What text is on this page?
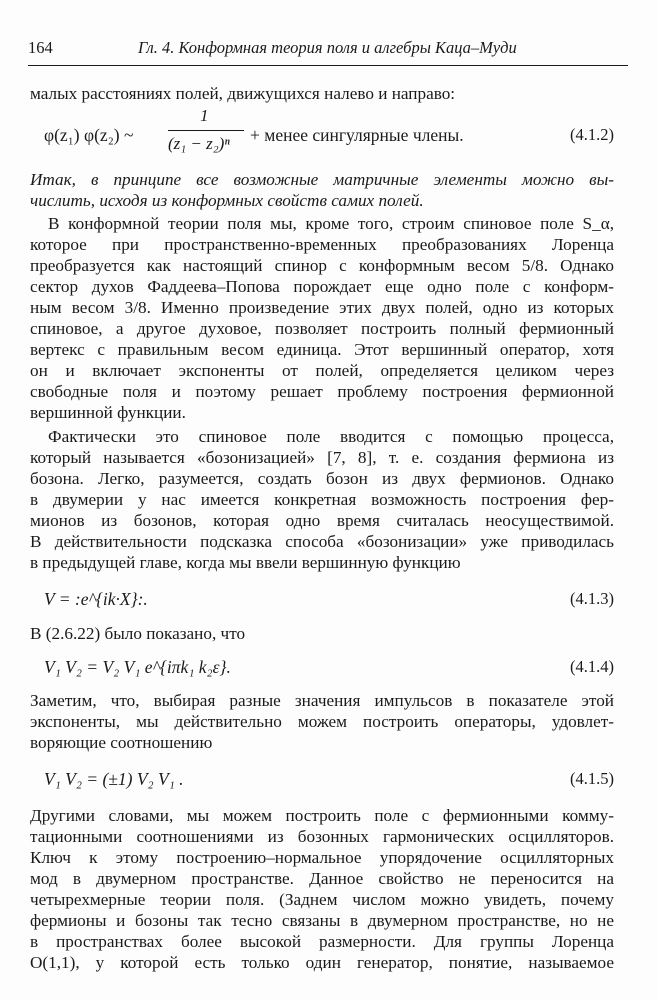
164	Гл. 4. Конформная теория поля и алгебры Каца–Муди
малых расстояниях полей, движущихся налево и направо:
φ(z₁) φ(z₂) ~
1
(z₁ − z₂)ⁿ + менее сингулярные члены.	(4.1.2)
Итак, в принципе все возможные матричные элементы можно вы-
числить, исходя из конформных свойств самих полей.
В конформной теории поля мы, кроме того, строим спиновое поле S_α,
которое при пространственно-временных преобразованиях Лоренца
преобразуется как настоящий спинор с конформным весом 5/8. Однако
сектор духов Фаддеева–Попова порождает еще одно поле с конформ-
ным весом 3/8. Именно произведение этих двух полей, одно из которых
спиновое, а другое духовое, позволяет построить полный фермионный
вертекс с правильным весом единица. Этот вершинный оператор, хотя
он и включает экспоненты от полей, определяется целиком через
свободные поля и поэтому решает проблему построения фермионной
вершинной функции.
Фактически это спиновое поле вводится с помощью процесса,
который называется «бозонизацией» [7, 8], т. е. создания фермиона из
бозона. Легко, разумеется, создать бозон из двух фермионов. Однако
в двумерии у нас имеется конкретная возможность построения фер-
мионов из бозонов, которая одно время считалась неосуществимой.
В действительности подсказка способа «бозонизации» уже приводилась
в предыдущей главе, когда мы ввели вершинную функцию
V = :e^{ik·X}:.	(4.1.3)
В (2.6.22) было показано, что
V₁ V₂ = V₂ V₁ e^{iπk₁ k₂ε}.	(4.1.4)
Заметим, что, выбирая разные значения импульсов в показателе этой
экспоненты, мы действительно можем построить операторы, удовлет-
воряющие соотношению
V₁ V₂ = (±1) V₂ V₁ .	(4.1.5)
Другими словами, мы можем построить поле с фермионными комму-
тационными соотношениями из бозонных гармонических осцилляторов.
Ключ к этому построению–нормальное упорядочение осцилляторных
мод в двумерном пространстве. Данное свойство не переносится на
четырехмерные теории поля. (Заднем числом можно увидеть, почему
фермионы и бозоны так тесно связаны в двумерном пространстве, но не
в пространствах более высокой размерности. Для группы Лоренца
O(1,1), у которой есть только один генератор, понятие, называемое
